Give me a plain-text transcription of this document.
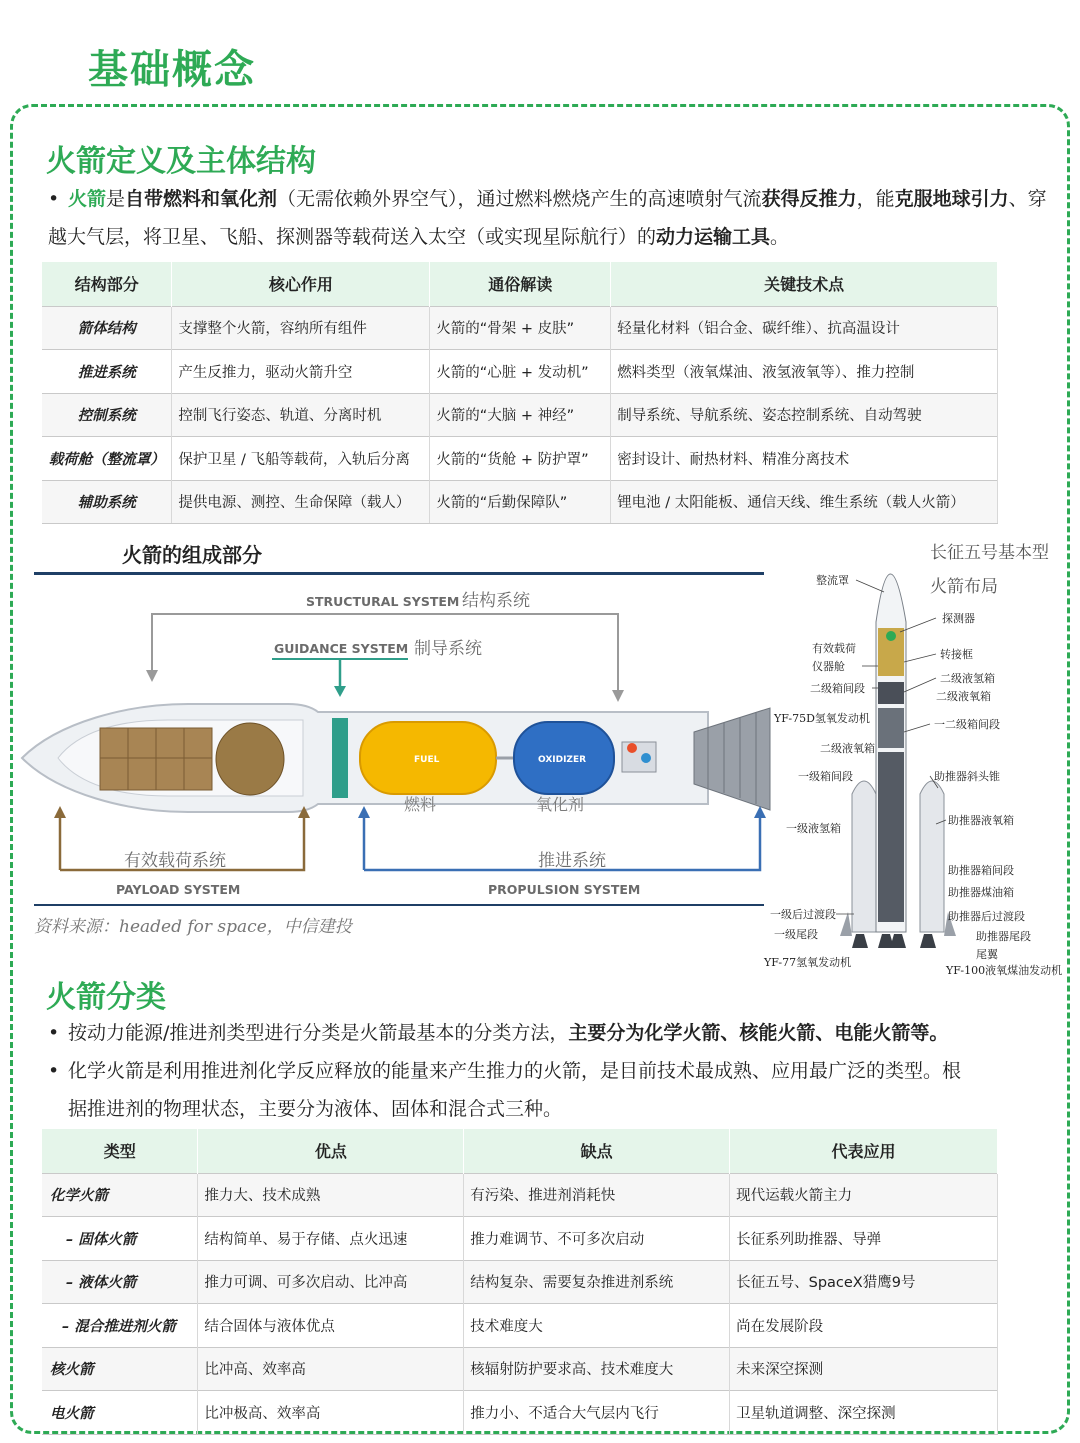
基础概念
火箭定义及主体结构
• 火箭是自带燃料和氧化剂（无需依赖外界空气），通过燃料燃烧产生的高速喷射气流获得反推力，能克服地球引力、穿越大气层，将卫星、飞船、探测器等载荷送入太空（或实现星际航行）的动力运输工具。
结构部分	核心作用	通俗解读	关键技术点
箭体结构	支撑整个火箭，容纳所有组件	火箭的“骨架 + 皮肤”	轻量化材料（铝合金、碳纤维）、抗高温设计
推进系统	产生反推力，驱动火箭升空	火箭的“心脏 + 发动机”	燃料类型（液氧煤油、液氢液氧等）、推力控制
控制系统	控制飞行姿态、轨道、分离时机	火箭的“大脑 + 神经”	制导系统、导航系统、姿态控制系统、自动驾驶
载荷舱（整流罩）	保护卫星 / 飞船等载荷，入轨后分离	火箭的“货舱 + 防护罩”	密封设计、耐热材料、精准分离技术
辅助系统	提供电源、测控、生命保障（载人）	火箭的“后勤保障队”	锂电池 / 太阳能板、通信天线、维生系统（载人火箭）
火箭的组成部分
STRUCTURAL SYSTEM 结构系统
GUIDANCE SYSTEM 制导系统
FUEL	OXIDIZER
燃料	氧化剂
有效载荷系统
PAYLOAD SYSTEM
推进系统
PROPULSION SYSTEM
资料来源：headed for space，中信建投
长征五号基本型
火箭布局
整流罩
有效载荷
仪器舱
二级箱间段
YF-75D氢氧发动机
二级液氧箱
一级箱间段
一级液氢箱
一级后过渡段
一级尾段
YF-77氢氧发动机
探测器
转接框
二级液氢箱
二级液氧箱
一二级箱间段
助推器斜头锥
助推器液氧箱
助推器箱间段
助推器煤油箱
助推器后过渡段
助推器尾段
尾翼
YF-100液氧煤油发动机
火箭分类
• 按动力能源/推进剂类型进行分类是火箭最基本的分类方法，主要分为化学火箭、核能火箭、电能火箭等。
• 化学火箭是利用推进剂化学反应释放的能量来产生推力的火箭，是目前技术最成熟、应用最广泛的类型。根
据推进剂的物理状态，主要分为液体、固体和混合式三种。
类型	优点	缺点	代表应用
化学火箭	推力大、技术成熟	有污染、推进剂消耗快	现代运载火箭主力
– 固体火箭	结构简单、易于存储、点火迅速	推力难调节、不可多次启动	长征系列助推器、导弹
– 液体火箭	推力可调、可多次启动、比冲高	结构复杂、需要复杂推进剂系统	长征五号、SpaceX猎鹰9号
– 混合推进剂火箭	结合固体与液体优点	技术难度大	尚在发展阶段
核火箭	比冲高、效率高	核辐射防护要求高、技术难度大	未来深空探测
电火箭	比冲极高、效率高	推力小、不适合大气层内飞行	卫星轨道调整、深空探测
